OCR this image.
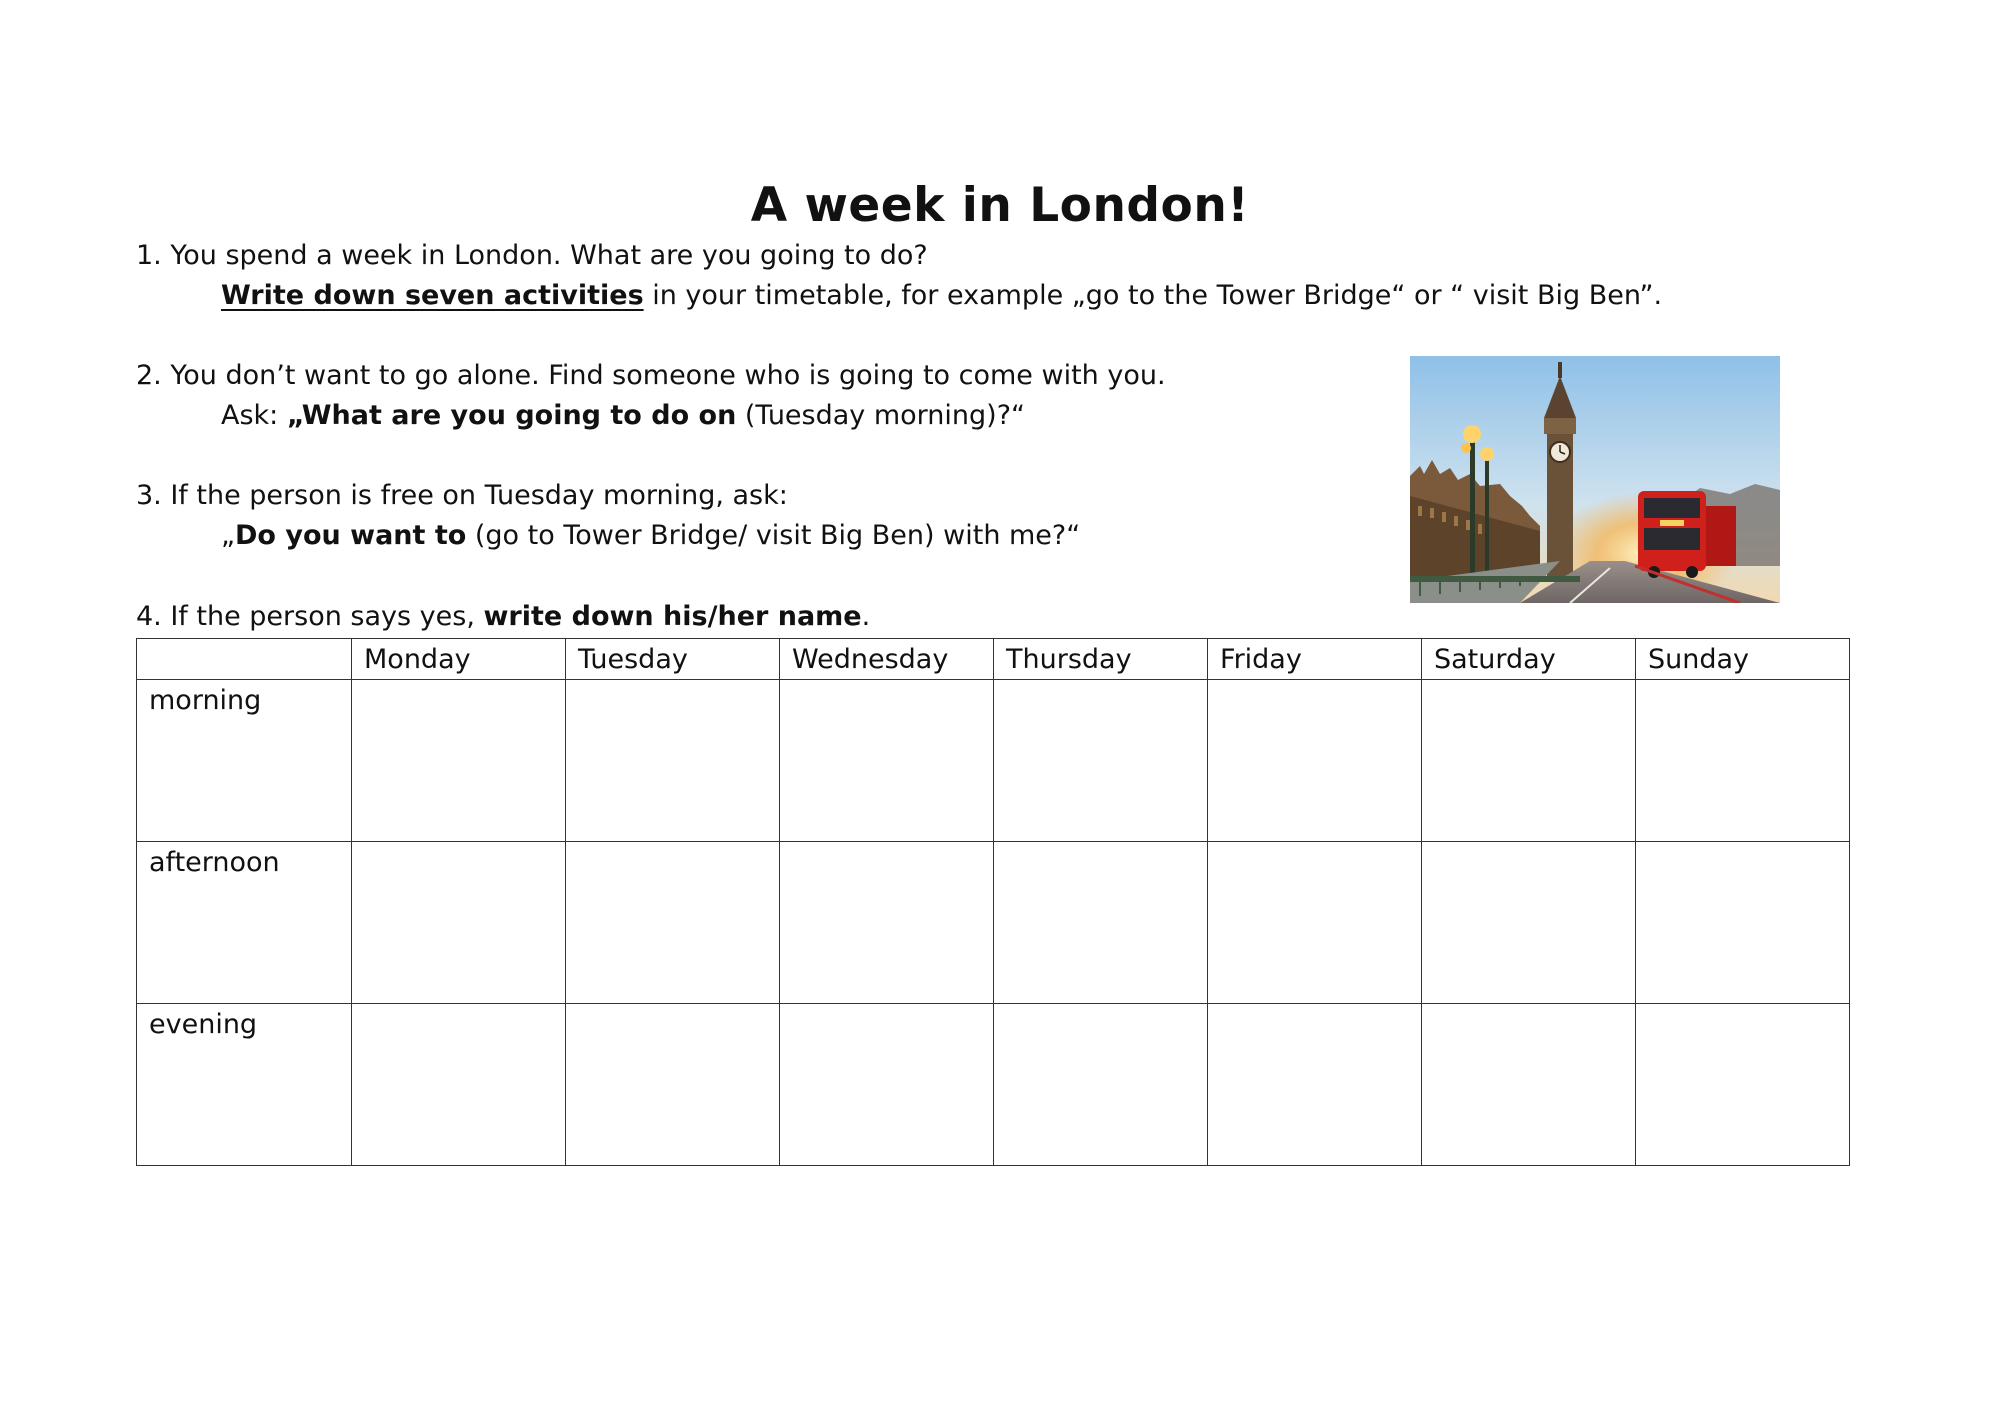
A week in London!
1. You spend a week in London. What are you going to do?
Write down seven activities in your timetable, for example „go to the Tower Bridge“ or “ visit Big Ben”.
2. You don’t want to go alone. Find someone who is going to come with you.
Ask: „What are you going to do on (Tuesday morning)?“
3. If the person is free on Tuesday morning, ask:
„Do you want to (go to Tower Bridge/ visit Big Ben) with me?“
4. If the person says yes, write down his/her name.
	Monday	Tuesday	Wednesday	Thursday	Friday	Saturday	Sunday
morning							
afternoon							
evening							
